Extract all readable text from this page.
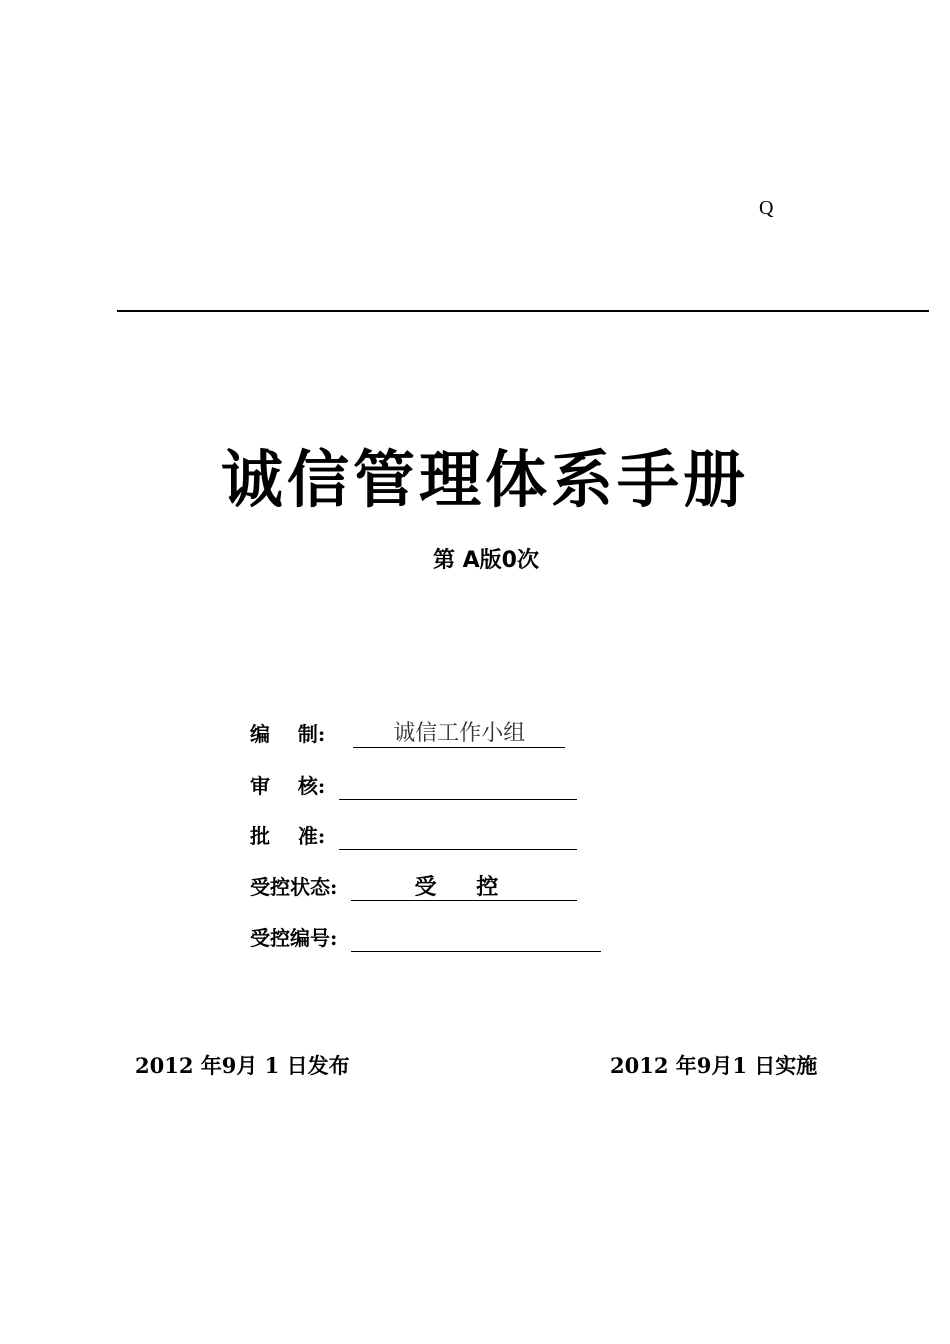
Q
诚信管理体系手册
第 A版0次
编    制:	诚信工作小组
审    核:
批    准:
受控状态:	受 控
受控编号:
2012 年9月 1 日发布	2012 年9月1 日实施
